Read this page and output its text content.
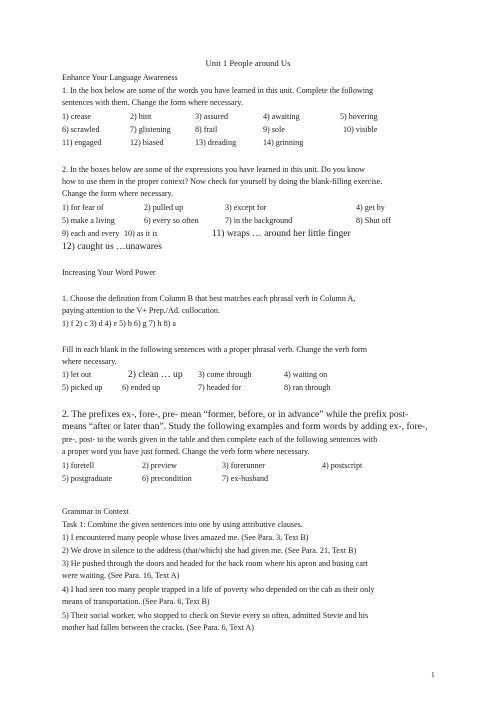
Unit 1 People around Us
Enhance Your Language Awareness
1. In the box below are some of the words you have learned in this unit. Complete the following
sentences with them. Change the form where necessary.
1) crease	2) hint	3) assured	4) awaiting	5) hovering
6) scrawled	7) glistening	8) frail	9) sole	10) visible
11) engaged	12) biased	13) dreading	14) grinning
2. In the boxes below are some of the expressions you have learned in this unit. Do you know
how to use them in the proper context? Now check for yourself by doing the blank-filling exercise.
Change the form where necessary.
1) for fear of	2) pulled up	3) except for	4) get by
5) make a living	6) every so often	7) in the background	8) Shut off
9) each and every 10) as it is	11) wraps … around her little finger
12) caught us …unawares
Increasing Your Word Power
1. Choose the definition from Column B that best matches each phrasal verb in Column A,
paying attention to the V+ Prep./Ad. collocation.
1) f 2) c 3) d 4) e 5) b 6) g 7) h 8) a
Fill in each blank in the following sentences with a proper phrasal verb. Change the verb form
where necessary.
1) let out	2) clean … up 3) come through	4) waiting on
5) picked up 6) ended up	7) headed for	8) ran through
2. The prefixes ex-, fore-, pre- mean “former, before, or in advance” while the prefix post-
means “after or later than”. Study the following examples and form words by adding ex-, fore-,
pre-, post- to the words given in the table and then complete each of the following sentences with
a proper word you have just formed. Change the verb form where necessary.
1) foretell	2) preview	3) forerunner	4) postscript
5) postgraduate	6) precondition	7) ex-husband
Grammar in Context
Task 1: Combine the given sentences into one by using attributive clauses.
1) I encountered many people whose lives amazed me. (See Para. 3, Text B)
2) We drove in silence to the address (that/which) she had given me. (See Para. 21, Text B)
3) He pushed through the doors and headed for the back room where his apron and busing cart
were waiting. (See Para. 16, Text A)
4) I had seen too many people trapped in a life of poverty who depended on the cab as their only
means of transportation. (See Para. 6, Text B)
5) Their social worker, who stopped to check on Stevie every so often, admitted Stevie and his
mother had fallen between the cracks. (See Para. 6, Text A)
1
